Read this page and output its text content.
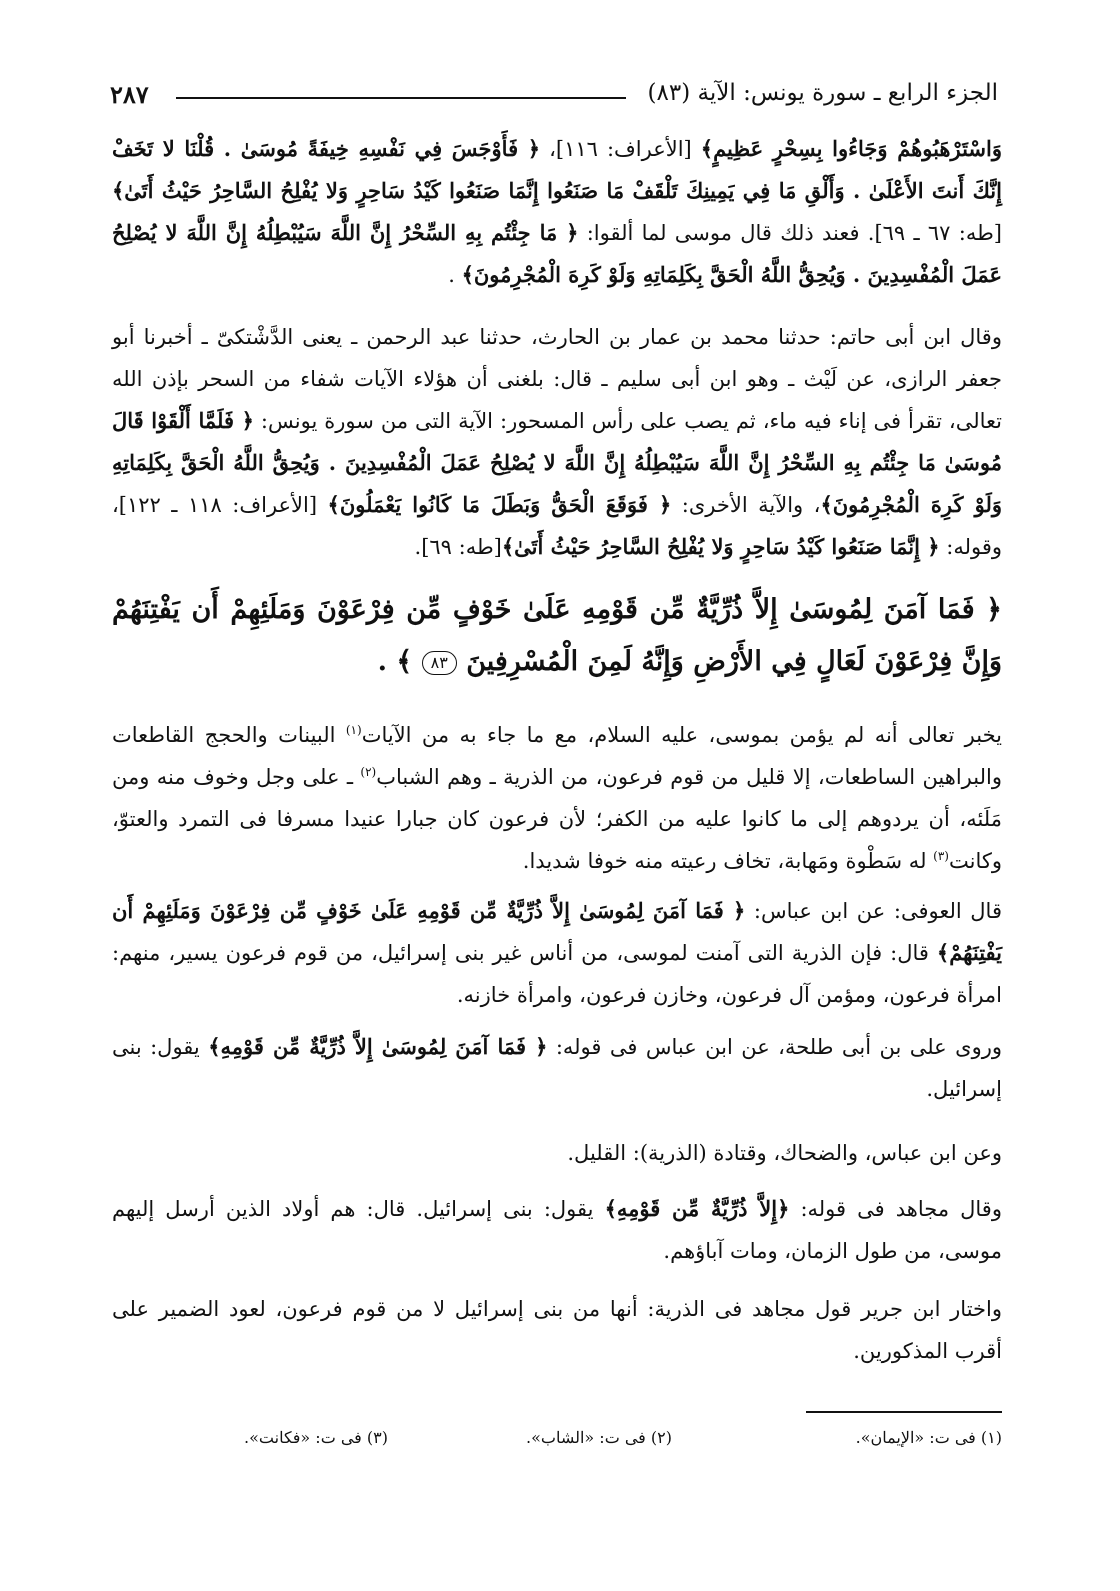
الجزء الرابع ـ سورة يونس: الآية (٨٣)
٢٨٧

وَاسْتَرْهَبُوهُمْ وَجَاءُوا بِسِحْرٍ عَظِيمٍ﴾ [الأعراف: ١١٦]، ﴿ فَأَوْجَسَ فِي نَفْسِهِ خِيفَةً مُوسَىٰ . قُلْنَا لا تَخَفْ إِنَّكَ أَنتَ الأَعْلَىٰ . وَأَلْقِ مَا فِي يَمِينِكَ تَلْقَفْ مَا صَنَعُوا إِنَّمَا صَنَعُوا كَيْدُ سَاحِرٍ وَلا يُفْلِحُ السَّاحِرُ حَيْثُ أَتَىٰ﴾ [طه: ٦٧ ـ ٦٩]. فعند ذلك قال موسى لما ألقوا: ﴿ مَا جِئْتُم بِهِ السِّحْرُ إِنَّ اللَّهَ سَيُبْطِلُهُ إِنَّ اللَّهَ لا يُصْلِحُ عَمَلَ الْمُفْسِدِينَ . وَيُحِقُّ اللَّهُ الْحَقَّ بِكَلِمَاتِهِ وَلَوْ كَرِهَ الْمُجْرِمُونَ﴾ .

وقال ابن أبى حاتم: حدثنا محمد بن عمار بن الحارث، حدثنا عبد الرحمن ـ يعنى الدَّشْتكىّ ـ أخبرنا أبو جعفر الرازى، عن لَيْث ـ وهو ابن أبى سليم ـ قال: بلغنى أن هؤلاء الآيات شفاء من السحر بإذن الله تعالى، تقرأ فى إناء فيه ماء، ثم يصب على رأس المسحور: الآية التى من سورة يونس: ﴿ فَلَمَّا أَلْقَوْا قَالَ مُوسَىٰ مَا جِئْتُم بِهِ السِّحْرُ إِنَّ اللَّهَ سَيُبْطِلُهُ إِنَّ اللَّهَ لا يُصْلِحُ عَمَلَ الْمُفْسِدِينَ . وَيُحِقُّ اللَّهُ الْحَقَّ بِكَلِمَاتِهِ وَلَوْ كَرِهَ الْمُجْرِمُونَ﴾، والآية الأخرى: ﴿ فَوَقَعَ الْحَقُّ وَبَطَلَ مَا كَانُوا يَعْمَلُونَ﴾ [الأعراف: ١١٨ ـ ١٢٢]، وقوله: ﴿ إِنَّمَا صَنَعُوا كَيْدُ سَاحِرٍ وَلا يُفْلِحُ السَّاحِرُ حَيْثُ أَتَىٰ﴾[طه: ٦٩].

﴿ فَمَا آمَنَ لِمُوسَىٰ إِلاَّ ذُرِّيَّةٌ مِّن قَوْمِهِ عَلَىٰ خَوْفٍ مِّن فِرْعَوْنَ وَمَلَئِهِمْ أَن يَفْتِنَهُمْ وَإِنَّ فِرْعَوْنَ لَعَالٍ فِي الأَرْضِ وَإِنَّهُ لَمِنَ الْمُسْرِفِينَ ٨٣ ﴾ .

يخبر تعالى أنه لم يؤمن بموسى، عليه السلام، مع ما جاء به من الآيات$^{(١)}$ البينات والحجج القاطعات والبراهين الساطعات، إلا قليل من قوم فرعون، من الذرية ـ وهم الشباب$^{(٢)}$ ـ على وجل وخوف منه ومن مَلَئه، أن يردوهم إلى ما كانوا عليه من الكفر؛ لأن فرعون كان جبارا عنيدا مسرفا فى التمرد والعتوّ، وكانت$^{(٣)}$ له سَطْوة ومَهابة، تخاف رعيته منه خوفا شديدا.

قال العوفى: عن ابن عباس: ﴿ فَمَا آمَنَ لِمُوسَىٰ إِلاَّ ذُرِّيَّةٌ مِّن قَوْمِهِ عَلَىٰ خَوْفٍ مِّن فِرْعَوْنَ وَمَلَئِهِمْ أَن يَفْتِنَهُمْ﴾ قال: فإن الذرية التى آمنت لموسى، من أناس غير بنى إسرائيل، من قوم فرعون يسير، منهم: امرأة فرعون، ومؤمن آل فرعون، وخازن فرعون، وامرأة خازنه.

وروى على بن أبى طلحة، عن ابن عباس فى قوله: ﴿ فَمَا آمَنَ لِمُوسَىٰ إِلاَّ ذُرِّيَّةٌ مِّن قَوْمِهِ﴾ يقول: بنى إسرائيل.

وعن ابن عباس، والضحاك، وقتادة (الذرية): القليل.

وقال مجاهد فى قوله: ﴿إِلاَّ ذُرِّيَّةٌ مِّن قَوْمِهِ﴾ يقول: بنى إسرائيل. قال: هم أولاد الذين أرسل إليهم موسى، من طول الزمان، ومات آباؤهم.

واختار ابن جرير قول مجاهد فى الذرية: أنها من بنى إسرائيل لا من قوم فرعون، لعود الضمير على أقرب المذكورين.

(١) فى ت: «الإيمان».
(٢) فى ت: «الشاب».
(٣) فى ت: «فكانت».
